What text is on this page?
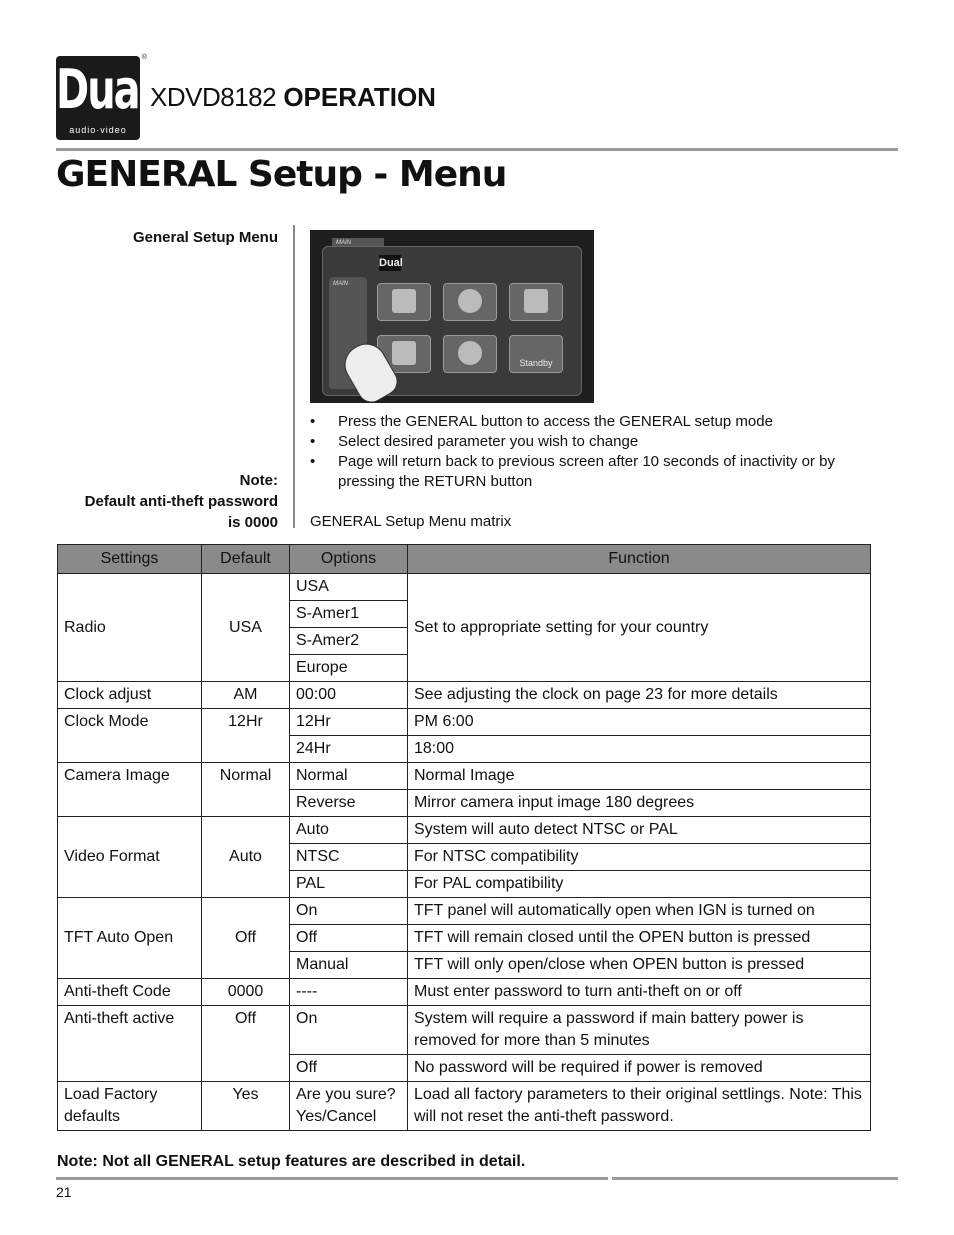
Dual
audio·video
®
XDVD8182 OPERATION
GENERAL Setup - Menu
General Setup Menu
Note:
Default anti-theft password
is 0000
MAIN
Dual
MAIN
Standby
• Press the GENERAL button to access the GENERAL setup mode
• Select desired parameter you wish to change
• Page will return back to previous screen after 10 seconds of inactivity or by pressing the RETURN button
GENERAL Setup Menu matrix
Settings	Default	Options	Function
Radio	USA	USA	Set to appropriate setting for your country
		S-Amer1	
		S-Amer2	
		Europe	
Clock adjust	AM	00:00	See adjusting the clock on page 23 for more details
Clock Mode	12Hr	12Hr	PM 6:00
		24Hr	18:00
Camera Image	Normal	Normal	Normal Image
		Reverse	Mirror camera input image 180 degrees
Video Format	Auto	Auto	System will auto detect NTSC or PAL
		NTSC	For NTSC compatibility
		PAL	For PAL compatibility
TFT Auto Open	Off	On	TFT panel will automatically open when IGN is turned on
		Off	TFT will remain closed until the OPEN button is pressed
		Manual	TFT will only open/close when OPEN button is pressed
Anti-theft Code	0000	----	Must enter password to turn anti-theft on or off
Anti-theft active	Off	On	System will require a password if main battery power is removed for more than 5 minutes
		Off	No password will be required if power is removed
Load Factory defaults	Yes	Are you sure? Yes/Cancel	Load all factory parameters to their original settlings. Note: This will not reset the anti-theft password.
Note: Not all GENERAL setup features are described in detail.
21
